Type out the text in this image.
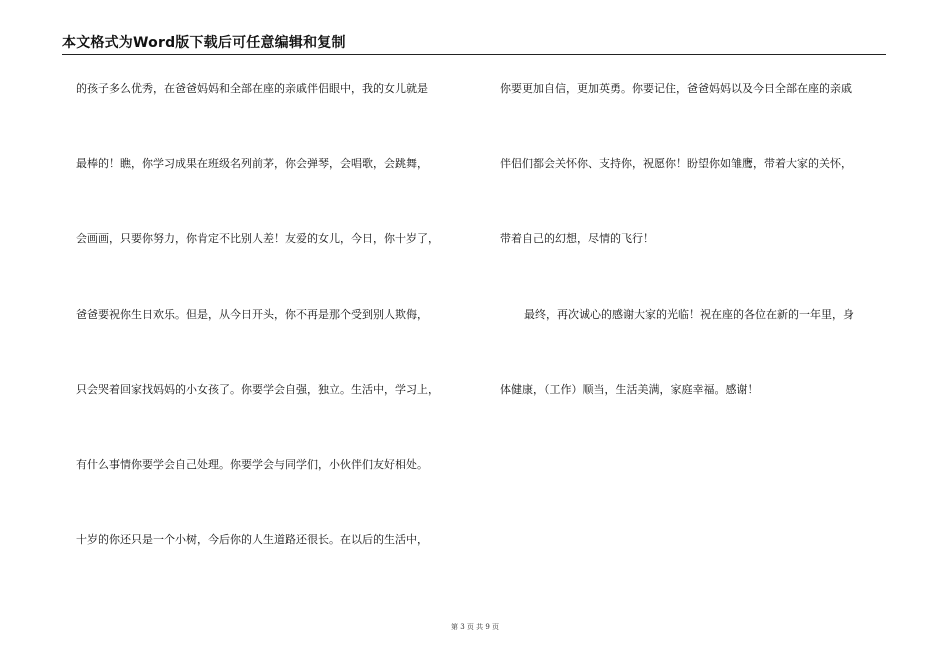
本文格式为Word版下载后可任意编辑和复制
的孩子多么优秀，在爸爸妈妈和全部在座的亲戚伴侣眼中，我的女儿就是
最棒的！瞧，你学习成果在班级名列前茅，你会弹琴，会唱歌，会跳舞，
会画画，只要你努力，你肯定不比别人差！友爱的女儿，今日，你十岁了，
爸爸要祝你生日欢乐。但是，从今日开头，你不再是那个受到别人欺侮，
只会哭着回家找妈妈的小女孩了。你要学会自强，独立。生活中，学习上，
有什么事情你要学会自己处理。你要学会与同学们，小伙伴们友好相处。
十岁的你还只是一个小树，今后你的人生道路还很长。在以后的生活中，
你要更加自信，更加英勇。你要记住，爸爸妈妈以及今日全部在座的亲戚
伴侣们都会关怀你、支持你，祝愿你！盼望你如雏鹰，带着大家的关怀，
带着自己的幻想，尽情的飞行！
最终，再次诚心的感谢大家的光临！祝在座的各位在新的一年里，身
体健康，（工作）顺当，生活美满，家庭幸福。感谢！
第 3 页 共 9 页
